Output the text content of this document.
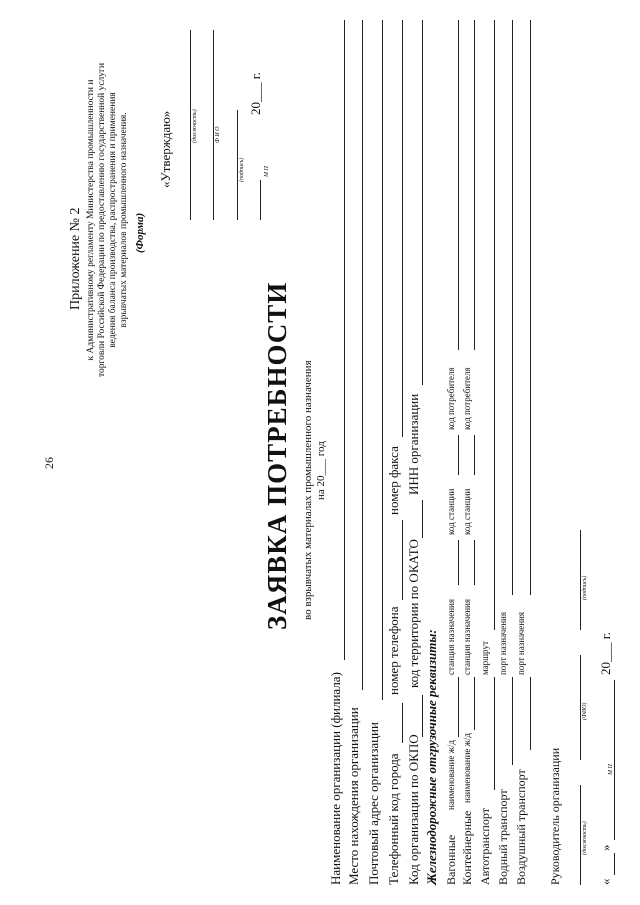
26
Приложение № 2 к Административному регламенту Министерства промышленности и торговли Российской Федерации по предоставлению государственной услуги ведения баланса производства, распространения и применения взрывчатых материалов промышленного назначения. (Форма)
«Утверждаю»	(должность)	Ф И О
(подпись)
20___ г.
М П
ЗАЯВКА ПОТРЕБНОСТИ во взрывчатых материалах промышленного назначения на 20___ год
Наименование организации (филиала) Место нахождения организации Почтовый адрес организации Телефонный код города
номер телефона
номер факса
Код организации по ОКПО
код территории по ОКАТО
ИНН организации
Железнодорожные отгрузочные реквизиты: Вагонные
наименование ж/д
станция назначения
код станции
код потребителя
Контейнерные
наименование ж/д
станция назначения
код станции
код потребителя
Автотранспорт
маршрут
Водный транспорт
порт назначения
Воздушный транспорт
порт назначения
Руководитель организации	(должность)
(ФИО)
(подпись)
«
»
20___ г.
М П
